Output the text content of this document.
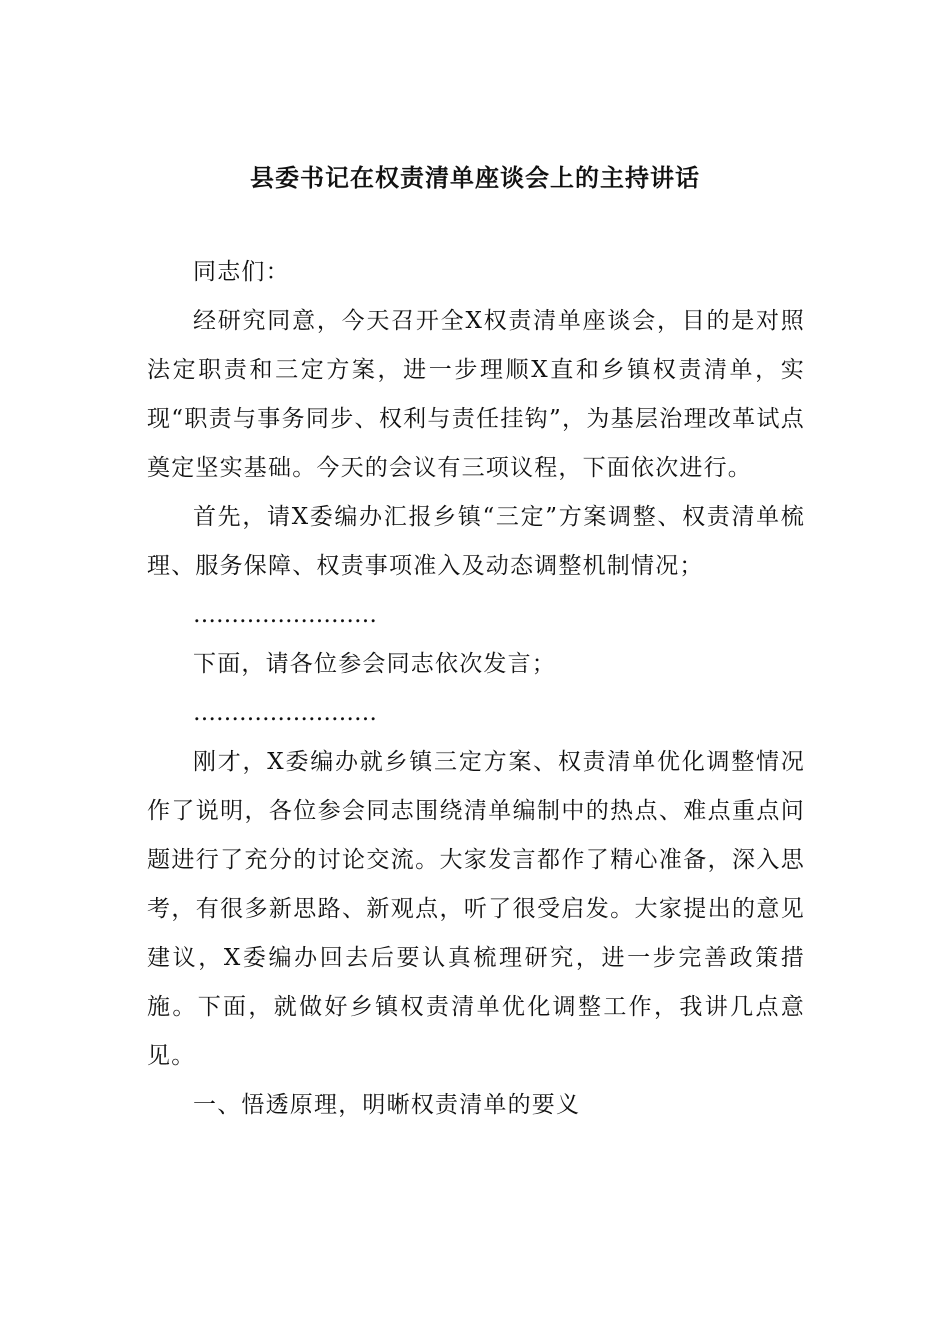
县委书记在权责清单座谈会上的主持讲话

同志们：

经研究同意，今天召开全X权责清单座谈会，目的是对照法定职责和三定方案，进一步理顺X直和乡镇权责清单，实现“职责与事务同步、权利与责任挂钩”，为基层治理改革试点奠定坚实基础。今天的会议有三项议程，下面依次进行。

首先，请X委编办汇报乡镇“三定”方案调整、权责清单梳理、服务保障、权责事项准入及动态调整机制情况；

……………………

下面，请各位参会同志依次发言；

……………………

刚才，X委编办就乡镇三定方案、权责清单优化调整情况作了说明，各位参会同志围绕清单编制中的热点、难点重点问题进行了充分的讨论交流。大家发言都作了精心准备，深入思考，有很多新思路、新观点，听了很受启发。大家提出的意见建议，X委编办回去后要认真梳理研究，进一步完善政策措施。下面，就做好乡镇权责清单优化调整工作，我讲几点意见。

一、悟透原理，明晰权责清单的要义
